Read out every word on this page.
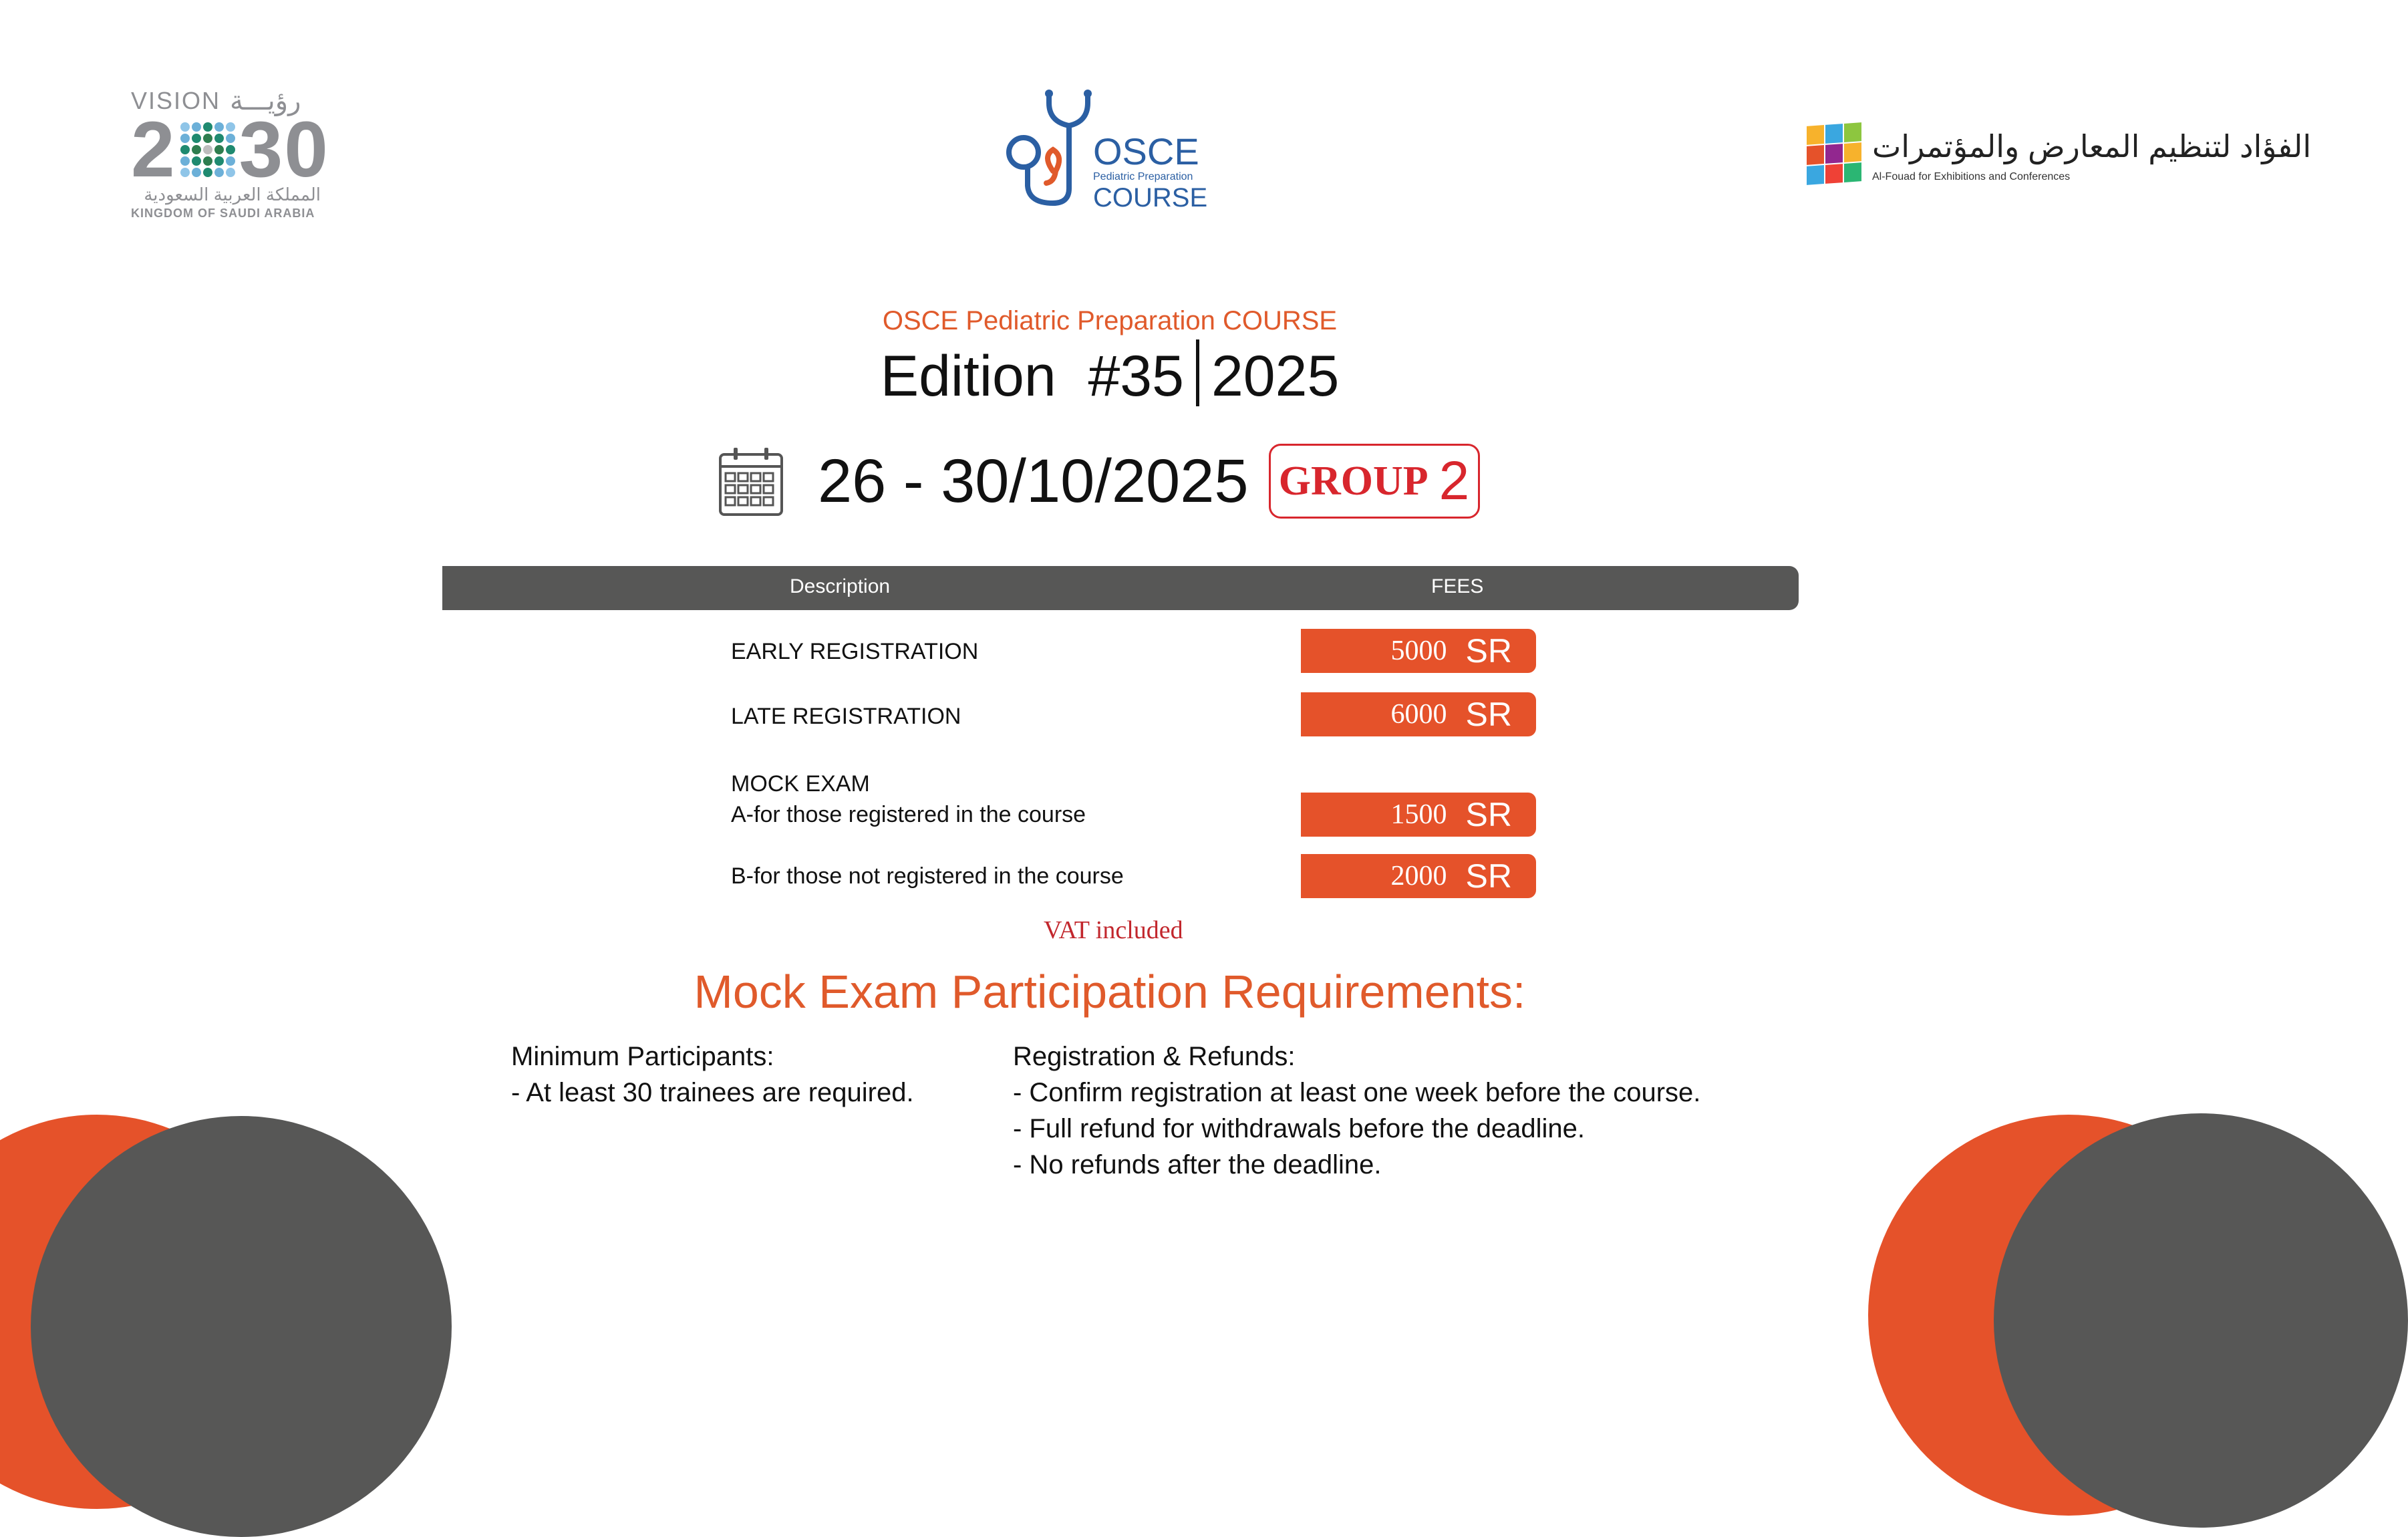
VISION رؤيـــة
2 30
المملكة العربية السعودية
KINGDOM OF SAUDI ARABIA
OSCE
Pediatric Preparation
COURSE
الفؤاد لتنظيم المعارض والمؤتمرات
Al-Fouad for Exhibitions and Conferences
OSCE Pediatric Preparation COURSE
Edition  #35 2025
26 - 30/10/2025 GROUP 2
Description	FEES
EARLY REGISTRATION	5000 SR
LATE REGISTRATION	6000 SR
MOCK EXAM
A-for those registered in the course	1500 SR
B-for those not registered in the course	2000 SR
VAT included
Mock Exam Participation Requirements:
Minimum Participants:
- At least 30 trainees are required.
Registration & Refunds:
- Confirm registration at least one week before the course.
- Full refund for withdrawals before the deadline.
- No refunds after the deadline.
